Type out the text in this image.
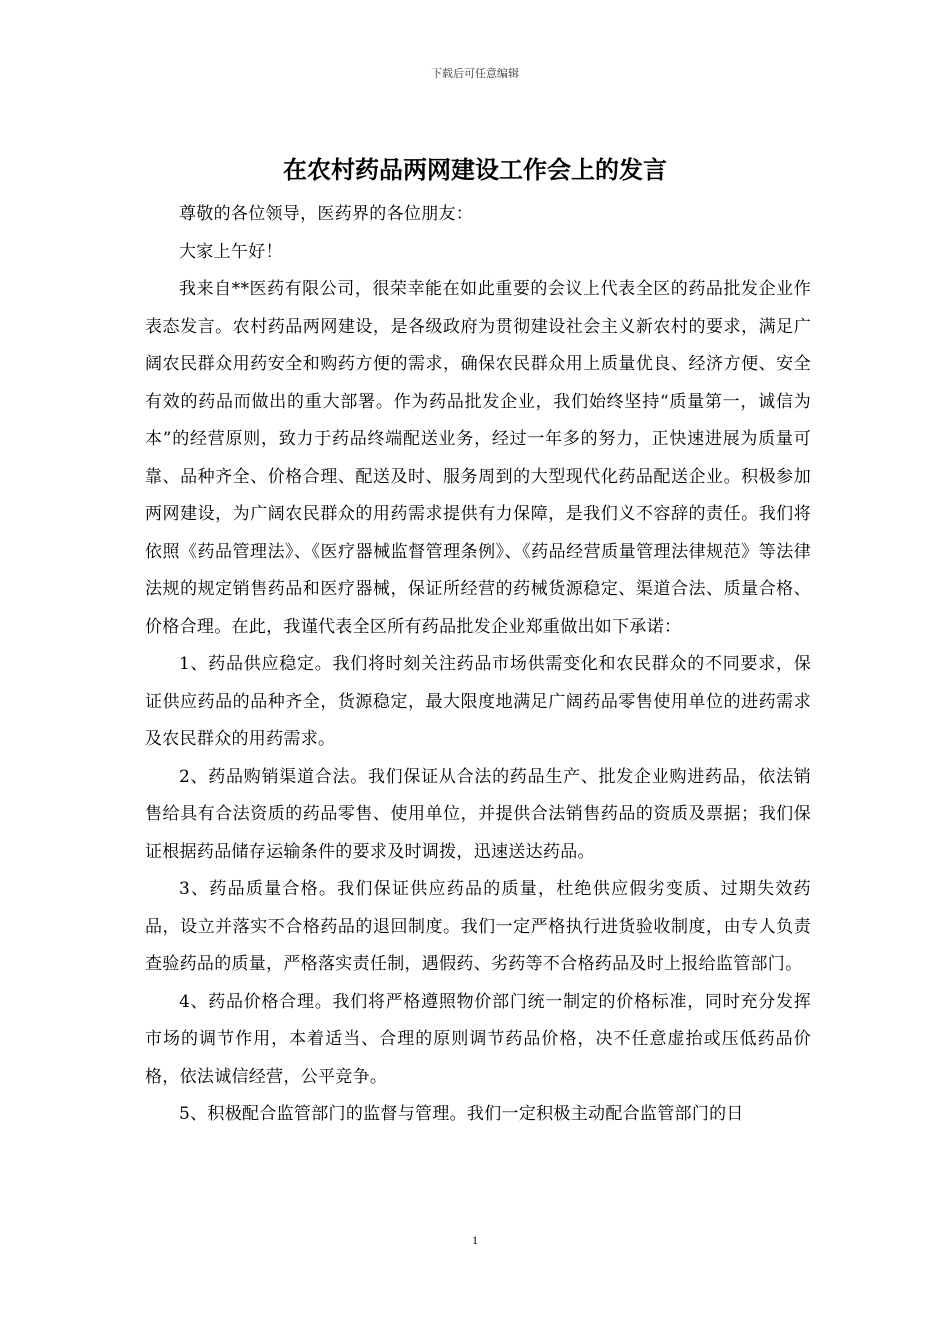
下载后可任意编辑
在农村药品两网建设工作会上的发言

尊敬的各位领导，医药界的各位朋友：

大家上午好！

我来自**医药有限公司，很荣幸能在如此重要的会议上代表全区的药品批发企业作表态发言。农村药品两网建设，是各级政府为贯彻建设社会主义新农村的要求，满足广阔农民群众用药安全和购药方便的需求，确保农民群众用上质量优良、经济方便、安全有效的药品而做出的重大部署。作为药品批发企业，我们始终坚持“质量第一，诚信为本”的经营原则，致力于药品终端配送业务，经过一年多的努力，正快速进展为质量可靠、品种齐全、价格合理、配送及时、服务周到的大型现代化药品配送企业。积极参加两网建设，为广阔农民群众的用药需求提供有力保障，是我们义不容辞的责任。我们将依照《药品管理法》、《医疗器械监督管理条例》、《药品经营质量管理法律规范》等法律法规的规定销售药品和医疗器械，保证所经营的药械货源稳定、渠道合法、质量合格、价格合理。在此，我谨代表全区所有药品批发企业郑重做出如下承诺：

1、药品供应稳定。我们将时刻关注药品市场供需变化和农民群众的不同要求，保证供应药品的品种齐全，货源稳定，最大限度地满足广阔药品零售使用单位的进药需求及农民群众的用药需求。

2、药品购销渠道合法。我们保证从合法的药品生产、批发企业购进药品，依法销售给具有合法资质的药品零售、使用单位，并提供合法销售药品的资质及票据；我们保证根据药品储存运输条件的要求及时调拨，迅速送达药品。

3、药品质量合格。我们保证供应药品的质量，杜绝供应假劣变质、过期失效药品，设立并落实不合格药品的退回制度。我们一定严格执行进货验收制度，由专人负责查验药品的质量，严格落实责任制，遇假药、劣药等不合格药品及时上报给监管部门。

4、药品价格合理。我们将严格遵照物价部门统一制定的价格标准，同时充分发挥市场的调节作用，本着适当、合理的原则调节药品价格，决不任意虚抬或压低药品价格，依法诚信经营，公平竞争。

5、积极配合监管部门的监督与管理。我们一定积极主动配合监管部门的日

1
